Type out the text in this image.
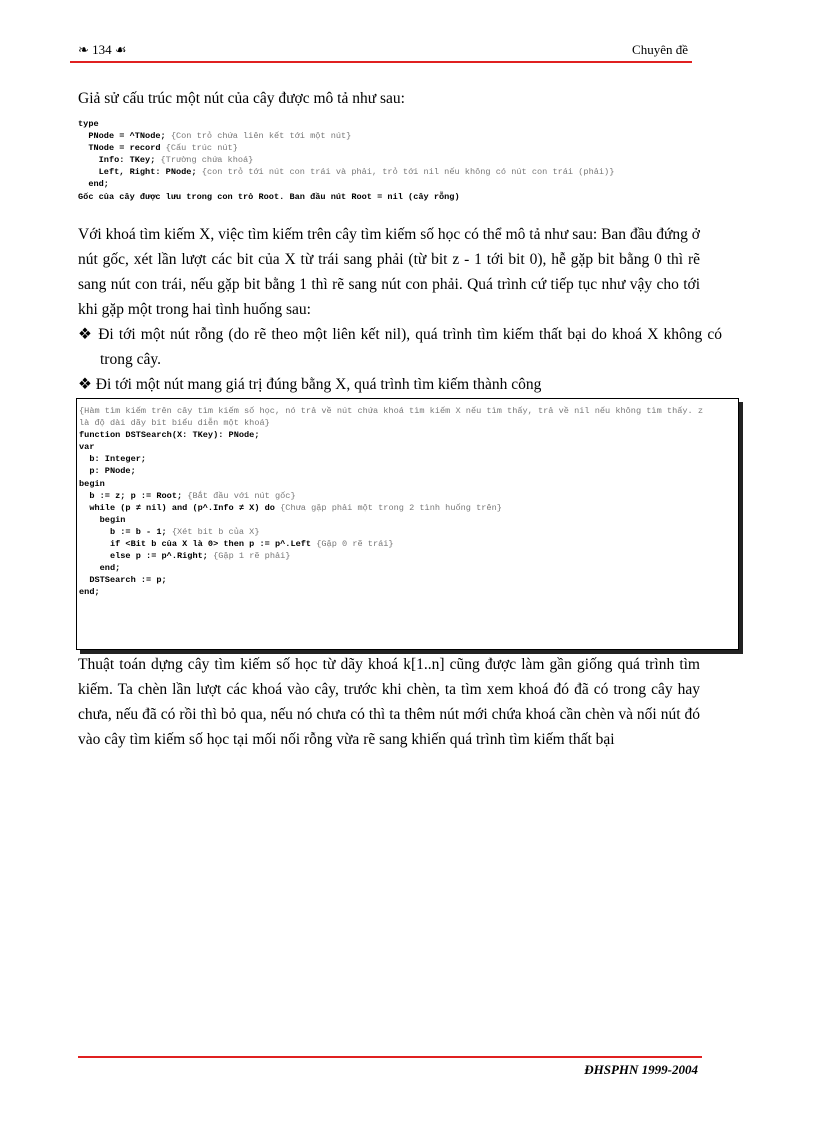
❧ 134 ☙	Chuyên đề
Giả sử cấu trúc một nút của cây được mô tả như sau:
type
PNode = ^TNode; {Con trỏ chứa liên kết tới một nút}
TNode = record {Cấu trúc nút}
Info: TKey; {Trường chứa khoá}
Left, Right: PNode; {con trỏ tới nút con trái và phải, trỏ tới nil nếu không có nút con trái (phải)}
end;
Gốc của cây được lưu trong con trỏ Root. Ban đầu nút Root = nil (cây rỗng)
Với khoá tìm kiếm X, việc tìm kiếm trên cây tìm kiếm số học có thể mô tả như sau: Ban đầu đứng ở nút gốc, xét lần lượt các bit của X từ trái sang phải (từ bit z - 1 tới bit 0), hễ gặp bit bằng 0 thì rẽ sang nút con trái, nếu gặp bit bằng 1 thì rẽ sang nút con phải. Quá trình cứ tiếp tục như vậy cho tới khi gặp một trong hai tình huống sau:
❖ Đi tới một nút rỗng (do rẽ theo một liên kết nil), quá trình tìm kiếm thất bại do khoá X không có trong cây.
❖ Đi tới một nút mang giá trị đúng bằng X, quá trình tìm kiếm thành công
{Hàm tìm kiếm trên cây tìm kiếm số học, nó trả về nút chứa khoá tìm kiếm X nếu tìm thấy, trả về nil nếu không tìm thấy. z
là độ dài dãy bit biểu diễn một khoá}
function DSTSearch(X: TKey): PNode;
var
b: Integer;
p: PNode;
begin
b := z; p := Root; {Bắt đầu với nút gốc}
while (p ≠ nil) and (p^.Info ≠ X) do {Chưa gặp phải một trong 2 tình huống trên}
begin
b := b - 1; {Xét bit b của X}
if <Bit b của X là 0> then p := p^.Left {Gặp 0 rẽ trái}
else p := p^.Right; {Gặp 1 rẽ phải}
end;
DSTSearch := p;
end;
Thuật toán dựng cây tìm kiếm số học từ dãy khoá k[1..n] cũng được làm gần giống quá trình tìm kiếm. Ta chèn lần lượt các khoá vào cây, trước khi chèn, ta tìm xem khoá đó đã có trong cây hay chưa, nếu đã có rồi thì bỏ qua, nếu nó chưa có thì ta thêm nút mới chứa khoá cần chèn và nối nút đó vào cây tìm kiếm số học tại mối nối rỗng vừa rẽ sang khiến quá trình tìm kiếm thất bại
ĐHSPHN 1999-2004
